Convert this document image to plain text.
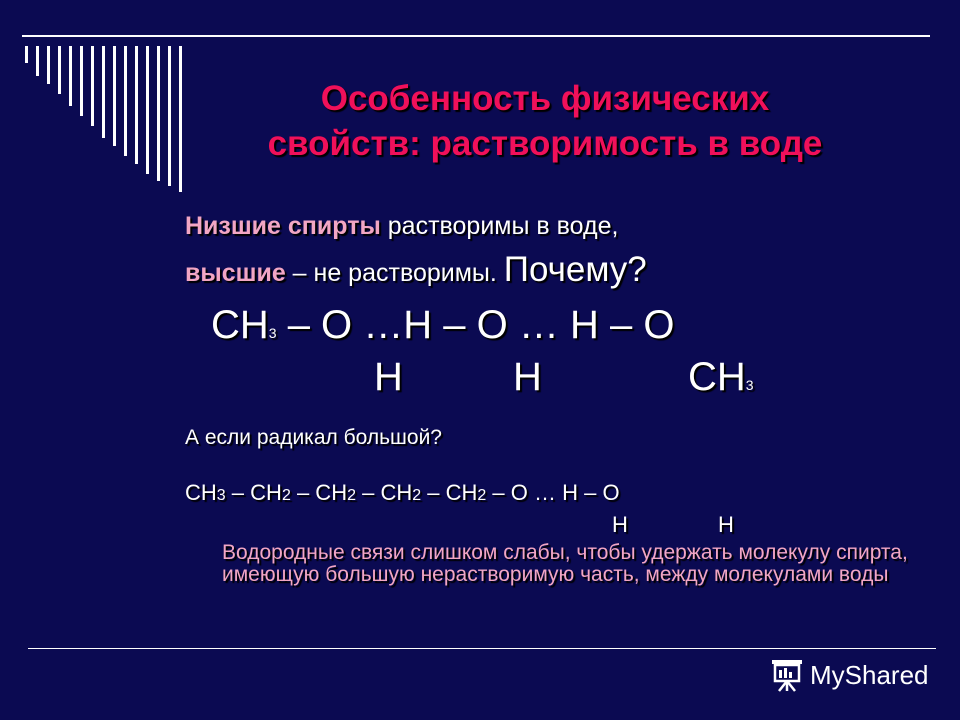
Особенность физических
свойств: растворимость в воде
Низшие спирты растворимы в воде,
высшие – не растворимы. Почему?
CH3 – O …H – O … H – O
H	H	CH3
А если радикал большой?
CH3 – CH2 – CH2 – CH2 – CH2 – O … H – O
H	H
Водородные связи слишком слабы, чтобы удержать молекулу спирта, имеющую большую нерастворимую часть, между молекулами воды
MyShared
